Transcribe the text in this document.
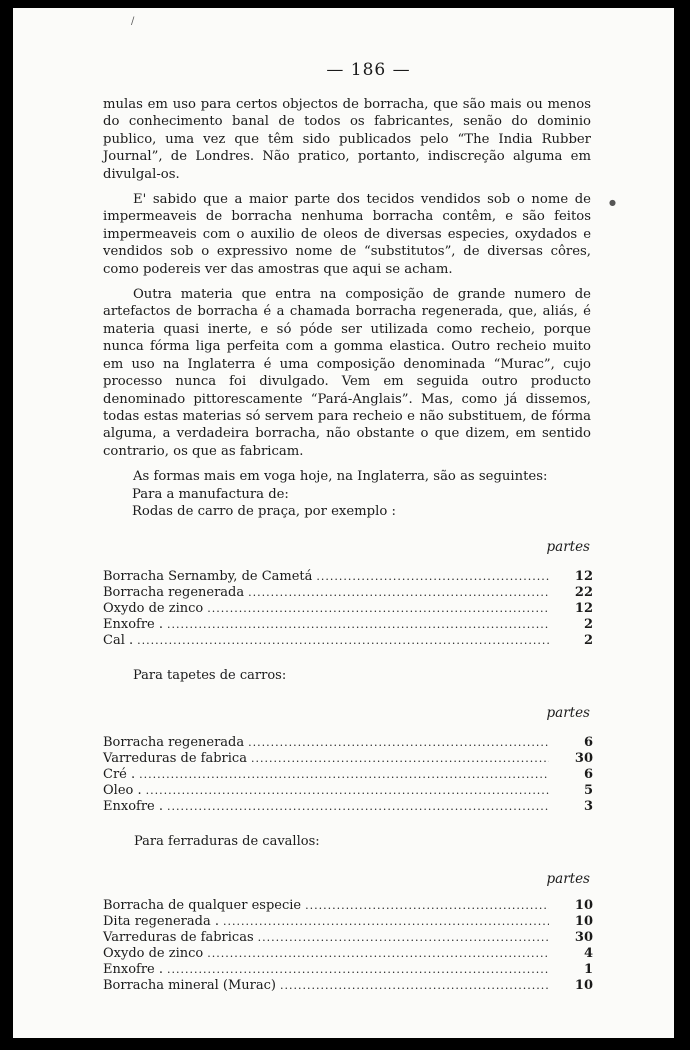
— 186 —
/
●

mulas em uso para certos objectos de borracha, que são mais ou menos do conhecimento banal de todos os fabricantes, senão do dominio publico, uma vez que têm sido publicados pelo “The India Rubber Journal”, de Londres. Não pratico, portanto, indiscreção alguma em divulgal-os.

E' sabido que a maior parte dos tecidos vendidos sob o nome de impermeaveis de borracha nenhuma borracha contêm, e são feitos impermeaveis com o auxilio de oleos de diversas especies, oxydados e vendidos sob o expressivo nome de “substitutos”, de diversas côres, como podereis ver das amostras que aqui se acham.

Outra materia que entra na composição de grande numero de artefactos de borracha é a chamada borracha regenerada, que, aliás, é materia quasi inerte, e só póde ser utilizada como recheio, porque nunca fórma liga perfeita com a gomma elastica. Outro recheio muito em uso na Inglaterra é uma composição denominada “Murac”, cujo processo nunca foi divulgado. Vem em seguida outro producto denominado pittorescamente “Pará-Anglais”. Mas, como já dissemos, todas estas materias só servem para recheio e não substituem, de fórma alguma, a verdadeira borracha, não obstante o que dizem, em sentido contrario, os que as fabricam.

As formas mais em voga hoje, na Inglaterra, são as seguintes:

Para a manufactura de:
Rodas de carro de praça, por exemplo :
partes
Borracha Sernamby, de Cametá .....	12
Borracha regenerada .....	22
Oxydo de zinco .....	12
Enxofre . .....	2
Cal . .....	2
Para tapetes de carros:
partes
Borracha regenerada .....	6
Varreduras de fabrica .....	30
Cré . .....	6
Oleo . .....	5
Enxofre . .....	3
Para ferraduras de cavallos:
partes
Borracha de qualquer especie .....	10
Dita regenerada . .....	10
Varreduras de fabricas .....	30
Oxydo de zinco .....	4
Enxofre . .....	1
Borracha mineral (Murac) .....	10
